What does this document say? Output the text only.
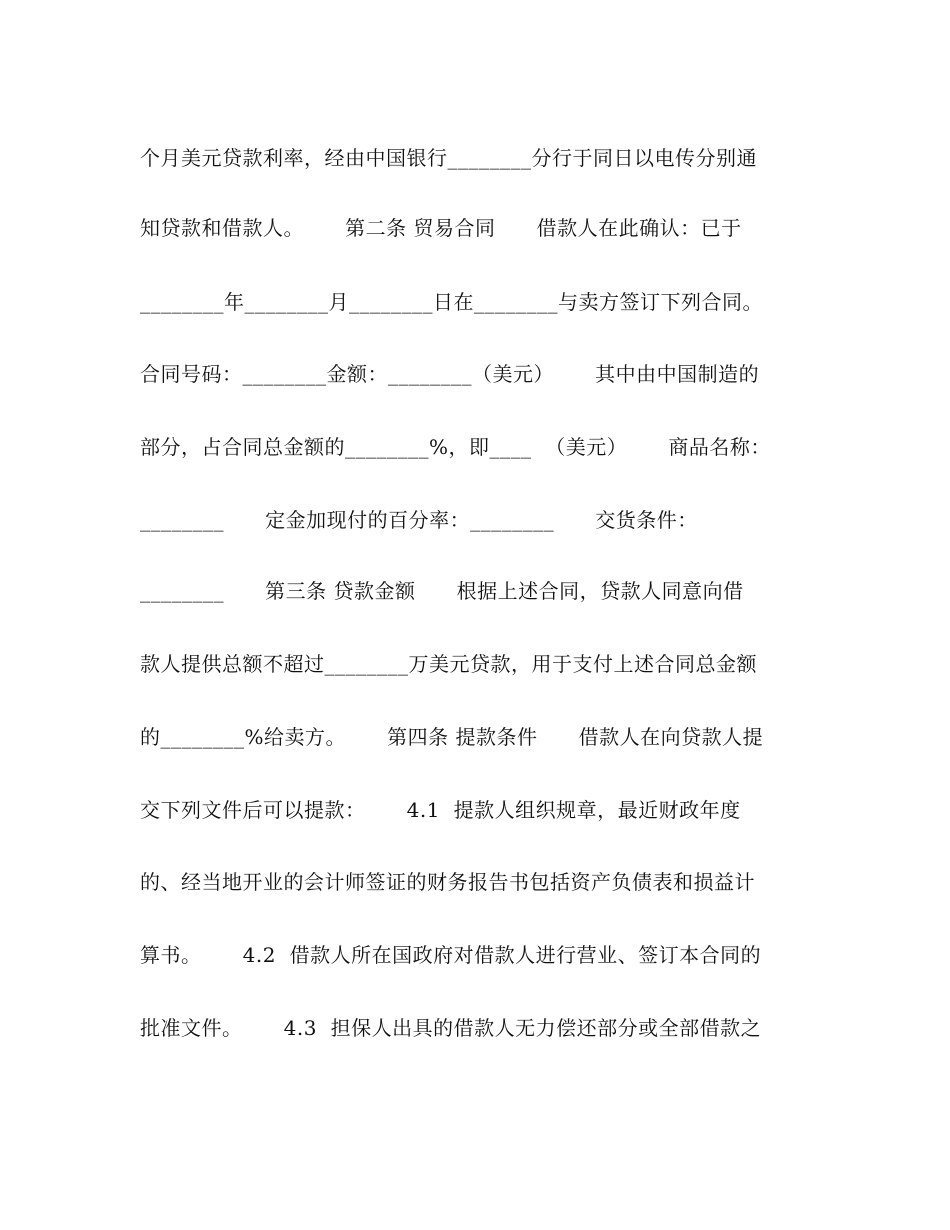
个月美元贷款利率，经由中国银行________分行于同日以电传分别通
知贷款和借款人。      第二条 贸易合同      借款人在此确认：已于
________年________月________日在________与卖方签订下列合同。
合同号码：________金额：________（美元）      其中由中国制造的
部分，占合同总金额的________%，即____  （美元）      商品名称：
________      定金加现付的百分率：________      交货条件：
________      第三条 贷款金额      根据上述合同，贷款人同意向借
款人提供总额不超过________万美元贷款，用于支付上述合同总金额
的________%给卖方。      第四条 提款条件      借款人在向贷款人提
交下列文件后可以提款：      4.1  提款人组织规章，最近财政年度
的、经当地开业的会计师签证的财务报告书包括资产负债表和损益计
算书。      4.2  借款人所在国政府对借款人进行营业、签订本合同的
批准文件。      4.3  担保人出具的借款人无力偿还部分或全部借款之
